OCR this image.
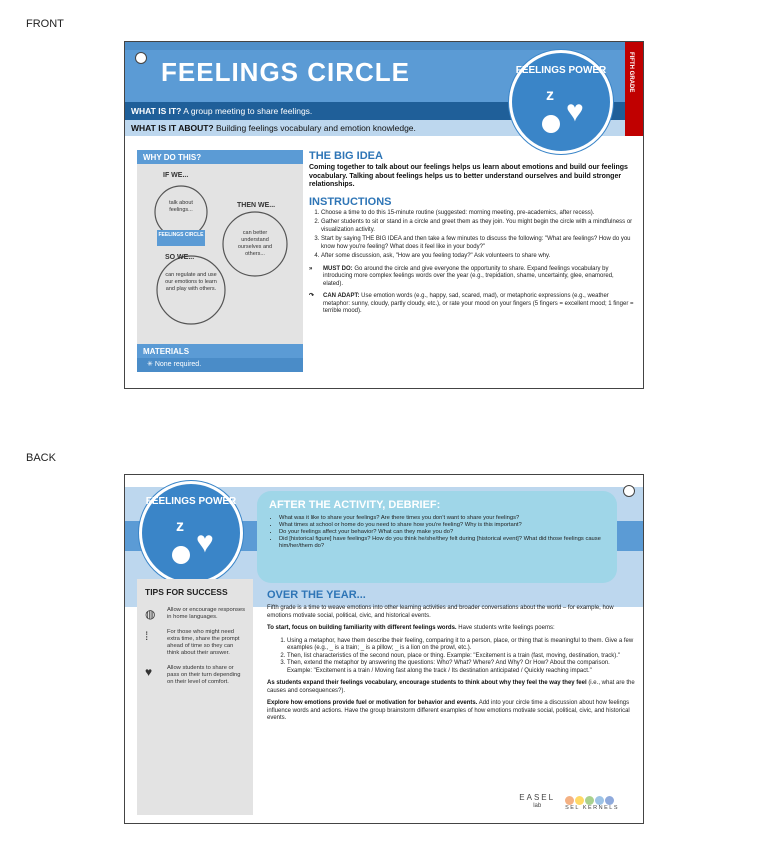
FRONT
BACK
FEELINGS CIRCLE
WHAT IS IT? A group meeting to share feelings.
WHAT IS IT ABOUT? Building feelings vocabulary and emotion knowledge.
FIFTH GRADE
FEELINGS POWER
z ♥
WHY DO THIS?
IF WE...
talk about feelings...
FEELINGS CIRCLE
THEN WE...
can better understand ourselves and others...
SO WE...
can regulate and use our emotions to learn and play with others.
MATERIALS
✳ None required.
THE BIG IDEA
Coming together to talk about our feelings helps us learn about emotions and build our feelings vocabulary. Talking about feelings helps us to better understand ourselves and build stronger relationships.
INSTRUCTIONS
1. Choose a time to do this 15-minute routine (suggested: morning meeting, pre-academics, after recess).
2. Gather students to sit or stand in a circle and greet them as they join. You might begin the circle with a mindfulness or visualization activity.
3. Start by saying THE BIG IDEA and then take a few minutes to discuss the following: "What are feelings? How do you know how you're feeling? What does it feel like in your body?"
4. After some discussion, ask, "How are you feeling today?" Ask volunteers to share why.
» MUST DO: Go around the circle and give everyone the opportunity to share. Expand feelings vocabulary by introducing more complex feelings words over the year (e.g., trepidation, shame, uncertainty, glee, enamored, elated).
↷ CAN ADAPT: Use emotion words (e.g., happy, sad, scared, mad), or metaphoric expressions (e.g., weather metaphor: sunny, cloudy, partly cloudy, etc.), or rate your mood on your fingers (5 fingers = excellent mood; 1 finger = terrible mood).
FEELINGS POWER
z ♥
AFTER THE ACTIVITY, DEBRIEF:
• What was it like to share your feelings? Are there times you don't want to share your feelings?
• What times at school or home do you need to share how you're feeling? Why is this important?
• Do your feelings affect your behavior? What can they make you do?
• Did [historical figure] have feelings? How do you think he/she/they felt during [historical event]? What did those feelings cause him/her/them do?
TIPS FOR SUCCESS
◍	Allow or encourage responses in home languages.
⁞	For those who might need extra time, share the prompt ahead of time so they can think about their answer.
♥	Allow students to share or pass on their turn depending on their level of comfort.
OVER THE YEAR...
Fifth grade is a time to weave emotions into other learning activities and broader conversations about the world – for example, how emotions motivate social, political, civic, and historical events.
To start, focus on building familiarity with different feelings words. Have students write feelings poems:
1. Using a metaphor, have them describe their feeling, comparing it to a person, place, or thing that is meaningful to them. Give a few examples (e.g., _ is a train; _ is a pillow; _ is a lion on the prowl, etc.).
2. Then, list characteristics of the second noun, place or thing. Example: "Excitement is a train (fast, moving, destination, track)."
3. Then, extend the metaphor by answering the questions: Who? What? Where? And Why? Or How? About the comparison. Example: "Excitement is a train / Moving fast along the track / Its destination anticipated / Quickly reaching impact."
As students expand their feelings vocabulary, encourage students to think about why they feel the way they feel (i.e., what are the causes and consequences?).
Explore how emotions provide fuel or motivation for behavior and events. Add into your circle time a discussion about how feelings influence words and actions. Have the group brainstorm different examples of how emotions motivate social, political, civic, and historical events.
EASEL
lab	SEL KERNELS
